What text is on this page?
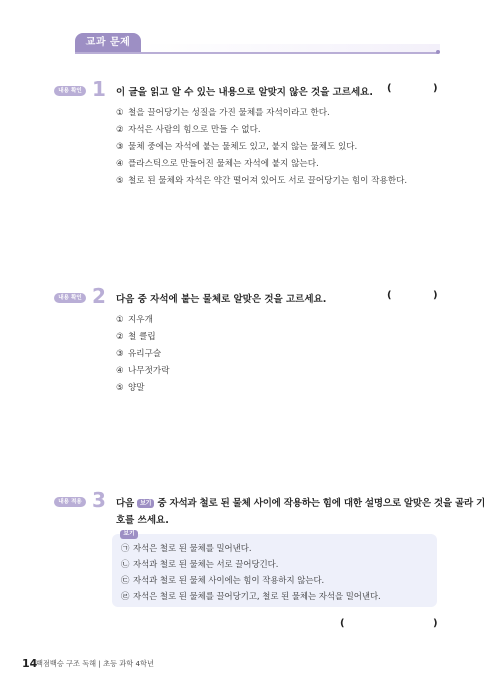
교과 문제
내용 확인 1 이 글을 읽고 알 수 있는 내용으로 알맞지 않은 것을 고르세요. (	)
① 철을 끌어당기는 성질을 가진 물체를 자석이라고 한다.
② 자석은 사람의 힘으로 만들 수 없다.
③ 물체 중에는 자석에 붙는 물체도 있고, 붙지 않는 물체도 있다.
④ 플라스틱으로 만들어진 물체는 자석에 붙지 않는다.
⑤ 철로 된 물체와 자석은 약간 떨어져 있어도 서로 끌어당기는 힘이 작용한다.
내용 확인 2 다음 중 자석에 붙는 물체로 알맞은 것을 고르세요.	(	)
① 지우개
② 철 클립
③ 유리구슬
④ 나무젓가락
⑤ 양말
내용 적용 3 다음 보기 중 자석과 철로 된 물체 사이에 작용하는 힘에 대한 설명으로 알맞은 것을 골라 기
호를 쓰세요.
보기
㉠ 자석은 철로 된 물체를 밀어낸다.
㉡ 자석과 철로 된 물체는 서로 끌어당긴다.
㉢ 자석과 철로 된 물체 사이에는 힘이 작용하지 않는다.
㉣ 자석은 철로 된 물체를 끌어당기고, 철로 된 물체는 자석을 밀어낸다.
(	)
14
백점백승 구조 독해 | 초등 과학 4학년
